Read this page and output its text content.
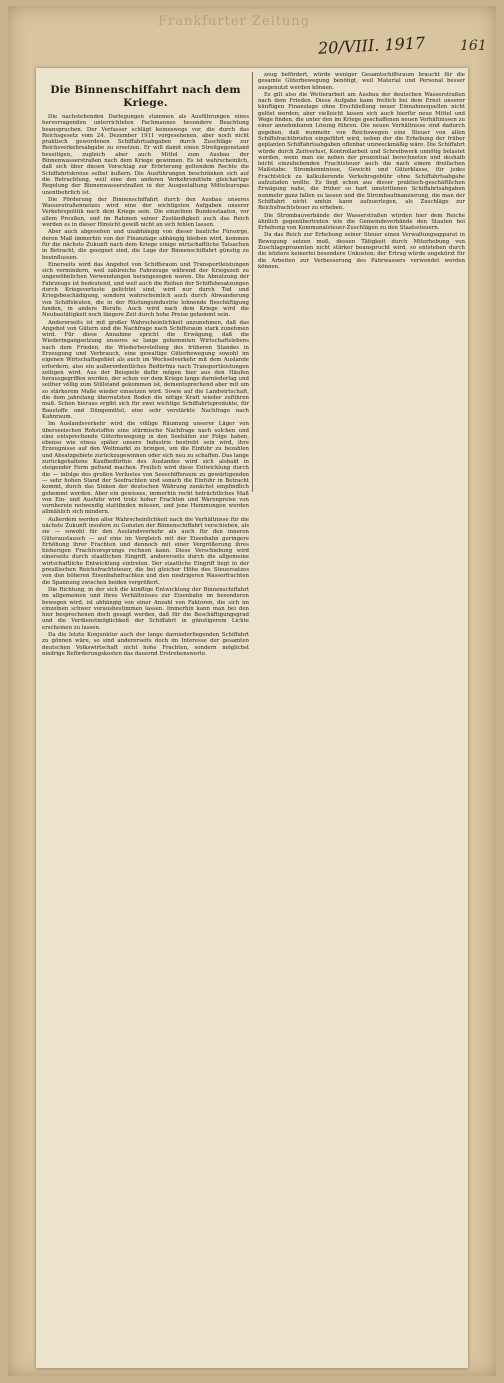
Frankfurter Zeitung
20/VIII. 1917 161
Die Binnenschiffahrt nach dem Kriege.

Die nachstehenden Darlegungen stammen als Ausführungen eines hervorragenden unterrichteten Fachmannes besondere Beachtung beanspruchen. Der Verfasser schlägt keineswegs vor, die durch das Reichsgesetz vom 24. Dezember 1911 vorgesehenen, aber noch nicht praktisch gewordenen Schiffahrtsabgaben durch Zuschläge zur Reichsverkehrsabgabe zu ersetzen. Er will damit einen Streitgegenstand beseitigen, zugleich aber auch Mittel zum Ausbau der Binnenwasserstraßen nach dem Kriege gewinnen. Es ist wahrscheinlich, daß sich über diesen Vorschlag zur Erörterung geltendem Rechte die Schiffahrtskreise selbst äußern. Die Ausführungen beschränken sich auf die Betrachtung, weil eine den anderen Verkehrsmitteln gleichartige Regelung der Binnenwasserstraßen in der Ausgestaltung Mitteleuropas unentbehrlich ist.

Die Förderung der Binnenschiffahrt durch den Ausbau unseres Wasserstraßennetzes wird eine der wichtigsten Aufgaben unserer Verkehrspolitik nach dem Kriege sein. Die einzelnen Bundesstaaten, vor allem Preußen, und im Rahmen seiner Zuständigkeit auch das Reich werden es in dieser Hinsicht gewiß nicht an sich fehlen lassen.

Aber auch abgesehen und unabhängig von dieser bauliche Fürsorge, deren Maß immerhin von der Finanzlage abhängig bleiben wird, kommen für die nächste Zukunft nach dem Kriege einige wirtschaftliche Tatsachen in Betracht, die geeignet sind, die Lage der Binnenschiffahrt günstig zu beeinflussen.

Einerseits wird das Angebot von Schiffsraum und Transportleistungen sich vermindern, weil zahlreiche Fahrzeuge während der Kriegszeit zu ungewöhnlichen Verwendungen herangezogen waren. Die Abnutzung der Fahrzeuge ist bedeutend, und weil auch die Reihen der Schiffsbesatzungen durch Kriegsverluste gelichtet sind, wird nur durch Tod und Kriegsbeschädigung, sondern wahrscheinlich auch durch Abwanderung von Schiffsleuten, die in der Rüstungsindustrie lohnende Beschäftigung fanden, in andere Berufe. Auch wird nach dem Kriege wird die Neubautätigkeit noch längere Zeit durch hohe Preise gehemmt sein.

Andererseits ist mit großer Wahrscheinlichkeit anzunehmen, daß das Angebot von Gütern und die Nachfrage nach Schiffsraum stark zunehmen wird. Für diese Annahme spricht die Erwägung, daß die Wiederingangsetzung unseres so lange gehemmten Wirtschaftslebens nach dem Frieden, die Wiederherstellung des früheren Standes in Erzeugung und Verbrauch, eine gewaltige Güterbewegung sowohl im eigenen Wirtschaftsgebiet als auch im Wechselverkehr mit dem Auslande erfordern, also ein außerordentliches Bedürfnis nach Transportleistungen zeitigen wird. Aus der Beispiele dafür mögen hier aus den Häufen herausgegriffen werden, der schon vor dem Kriege lange darniederlag und seither völlig zum Stillstand gekommen ist, dementsprechend aber mit um so stärkerem Maße wieder einsetzen wird. Sowie auf die Landwirtschaft, die dem jahrelang übernutzten Boden die nötige Kraft wieder zuführen muß. Schon hieraus ergibt sich für zwei wichtige Schiffahrtsprodukte, für Baustoffe und Düngemittel, eine sehr verstärkte Nachfrage nach Kahnraum.

Im Auslandsverkehr wird die völlige Räumung unserer Läger von überseeischen Rohstoffen eine stürmische Nachfrage nach solchen und eine entsprechende Güterbewegung in den Seehäfen zur Folge haben, ebenso wie etwas später unsere Industrie bestrebt sein wird, ihre Erzeugnisse auf den Weltmarkt zu bringen, um die Einfuhr zu bezahlen und Absatzgebiete zurückzugewinnen oder sich neu zu schaffen. Das lange zurückgehaltene Kaufbedürfnis des Auslandes wird sich alsbald in steigender Form geltend machen. Freilich wird diese Entwicklung durch die — infolge des großen Verlustes von Seeschiffsraum zu gewärtigenden — sehr hohen Stand der Seefrachten und sonach die Einfuhr in Betracht kommt, durch das Sinken der deutschen Währung zunächst empfindlich gehemmt werden. Aber ein gewisses, immerhin recht beträchtliches Maß von Ein- und Ausfuhr wird trotz hoher Frachten und Warenpreise von vornherein notwendig stattfinden müssen, und jene Hemmungen werden allmählich sich mindern.

Außerdem werden aller Wahrscheinlichkeit nach die Verhältnisse für die nächste Zukunft insofern zu Gunsten der Binnenschiffahrt verschieben, als sie — sowohl für den Auslandsverkehr als auch für den inneren Güteraustausch — auf eine im Vergleich mit der Eisenbahn geringere Erhöhung ihrer Frachten und dennoch mit einer Vergrößerung ihres bisherigen Frachtvorsprungs rechnen kann. Diese Verschiebung wird einerseits durch staatlichen Eingriff, andererseits durch die allgemeine wirtschaftliche Entwicklung eintreten. Der staatliche Eingriff liegt in der preußischen Reichsfrachtsteuer, die bei gleicher Höhe des Steuersatzes von den höheren Eisenbahnfrachten und den niedrigeren Wasserfrachten die Spannung zwischen beiden vergrößert.

Die Richtung, in der sich die künftige Entwicklung der Binnenschiffahrt im allgemeinen und ihres Verhältnisses zur Eisenbahn im besonderen bewegen wird, ist abhängig von einer Anzahl von Faktoren, die sich im einzelnen schwer vorausbestimmen lassen. Immerhin kann man bei den hier besprochenen doch gesagt werden, daß für die Beschäftigungsgrad und die Verdienstmöglichkeit der Schiffahrt in günstigerem Lichte erscheinen zu lassen.

Da die letzte Konjunktur auch der lange darniederliegenden Schiffahrt zu gönnen wäre, so sind andererseits doch im Interesse der gesamten deutschen Volkswirtschaft nicht hohe Frachten, sondern möglichst niedrige Beförderungskosten das dauernd Erstrebenswerte.

zeug befördert, würde weniger Gesamtschiffsraum braucht für die gesamte Güterbewegung benötigt, weil Material und Personal besser ausgenutzt werden können.

Es gilt also die Wetterarbeit am Ausbau der deutschen Wasserstraßen nach dem Frieden. Diese Aufgabe kann freilich bei dem Ernst unserer künftigen Finanzlage ohne Erschließung neuer Einnahmequellen nicht gelöst werden; aber vielleicht lassen sich auch hierfür neue Mittel und Wege finden, die unter den im Kriege geschaffenen neuen Verhältnissen zu einer annehmbaren Lösung führen. Die neuen Verhältnisse sind dadurch gegeben, daß nunmehr von Reichswegen eine Steuer von allen Schiffsfrachtbriefen eingeführt wird, neben der die Erhebung der früher geplanten Schiffahrtsabgaben offenbar unzweckmäßig wäre. Die Schiffahrt würde durch Zeitverlust, Kontrollarbeit und Schreibwerk unnötig belastet werden, wenn man sie neben der prozentual berechneten und deshalb leicht einzuhebenden Frachtsteuer auch die nach einem dreifachen Maßstabe: Stromkenntnisse, Gewicht und Güterklasse, für jedes Frachtstück zu kalkulierende Verkehrsgebühr ohne Schiffahrtsabgabe aufzuladen wollte. Es liegt schon aus dieser praktisch-geschäftlichen Erwägung nahe, die früher so hart umstrittenen Schiffahrtsabgaben nunmehr ganz fallen zu lassen und die Strombaufinanzierung, die man der Schiffahrt nicht umhin kann aufzuerlegen, als Zuschläge zur Reichsfrachtsteuer zu erheben.

Die Strombauverbände der Wasserstraßen würden hier dem Reiche ähnlich gegenübertreten wie die Gemeindeverbände den Staaten bei Erhebung von Kommunalsteuer-Zuschlägen zu den Staatssteuern.

Da das Reich zur Erhebung seiner Steuer einen Verwaltungsapparat in Bewegung setzen muß, dessen Tätigkeit durch Miterhebung von Zuschlagsprozenten nicht stärker beansprucht wird, so entstehen durch die letztere keinerlei besondere Unkosten; der Ertrag würde ungekürzt für die Arbeiten zur Verbesserung des Fahrwassers verwendet werden können.
